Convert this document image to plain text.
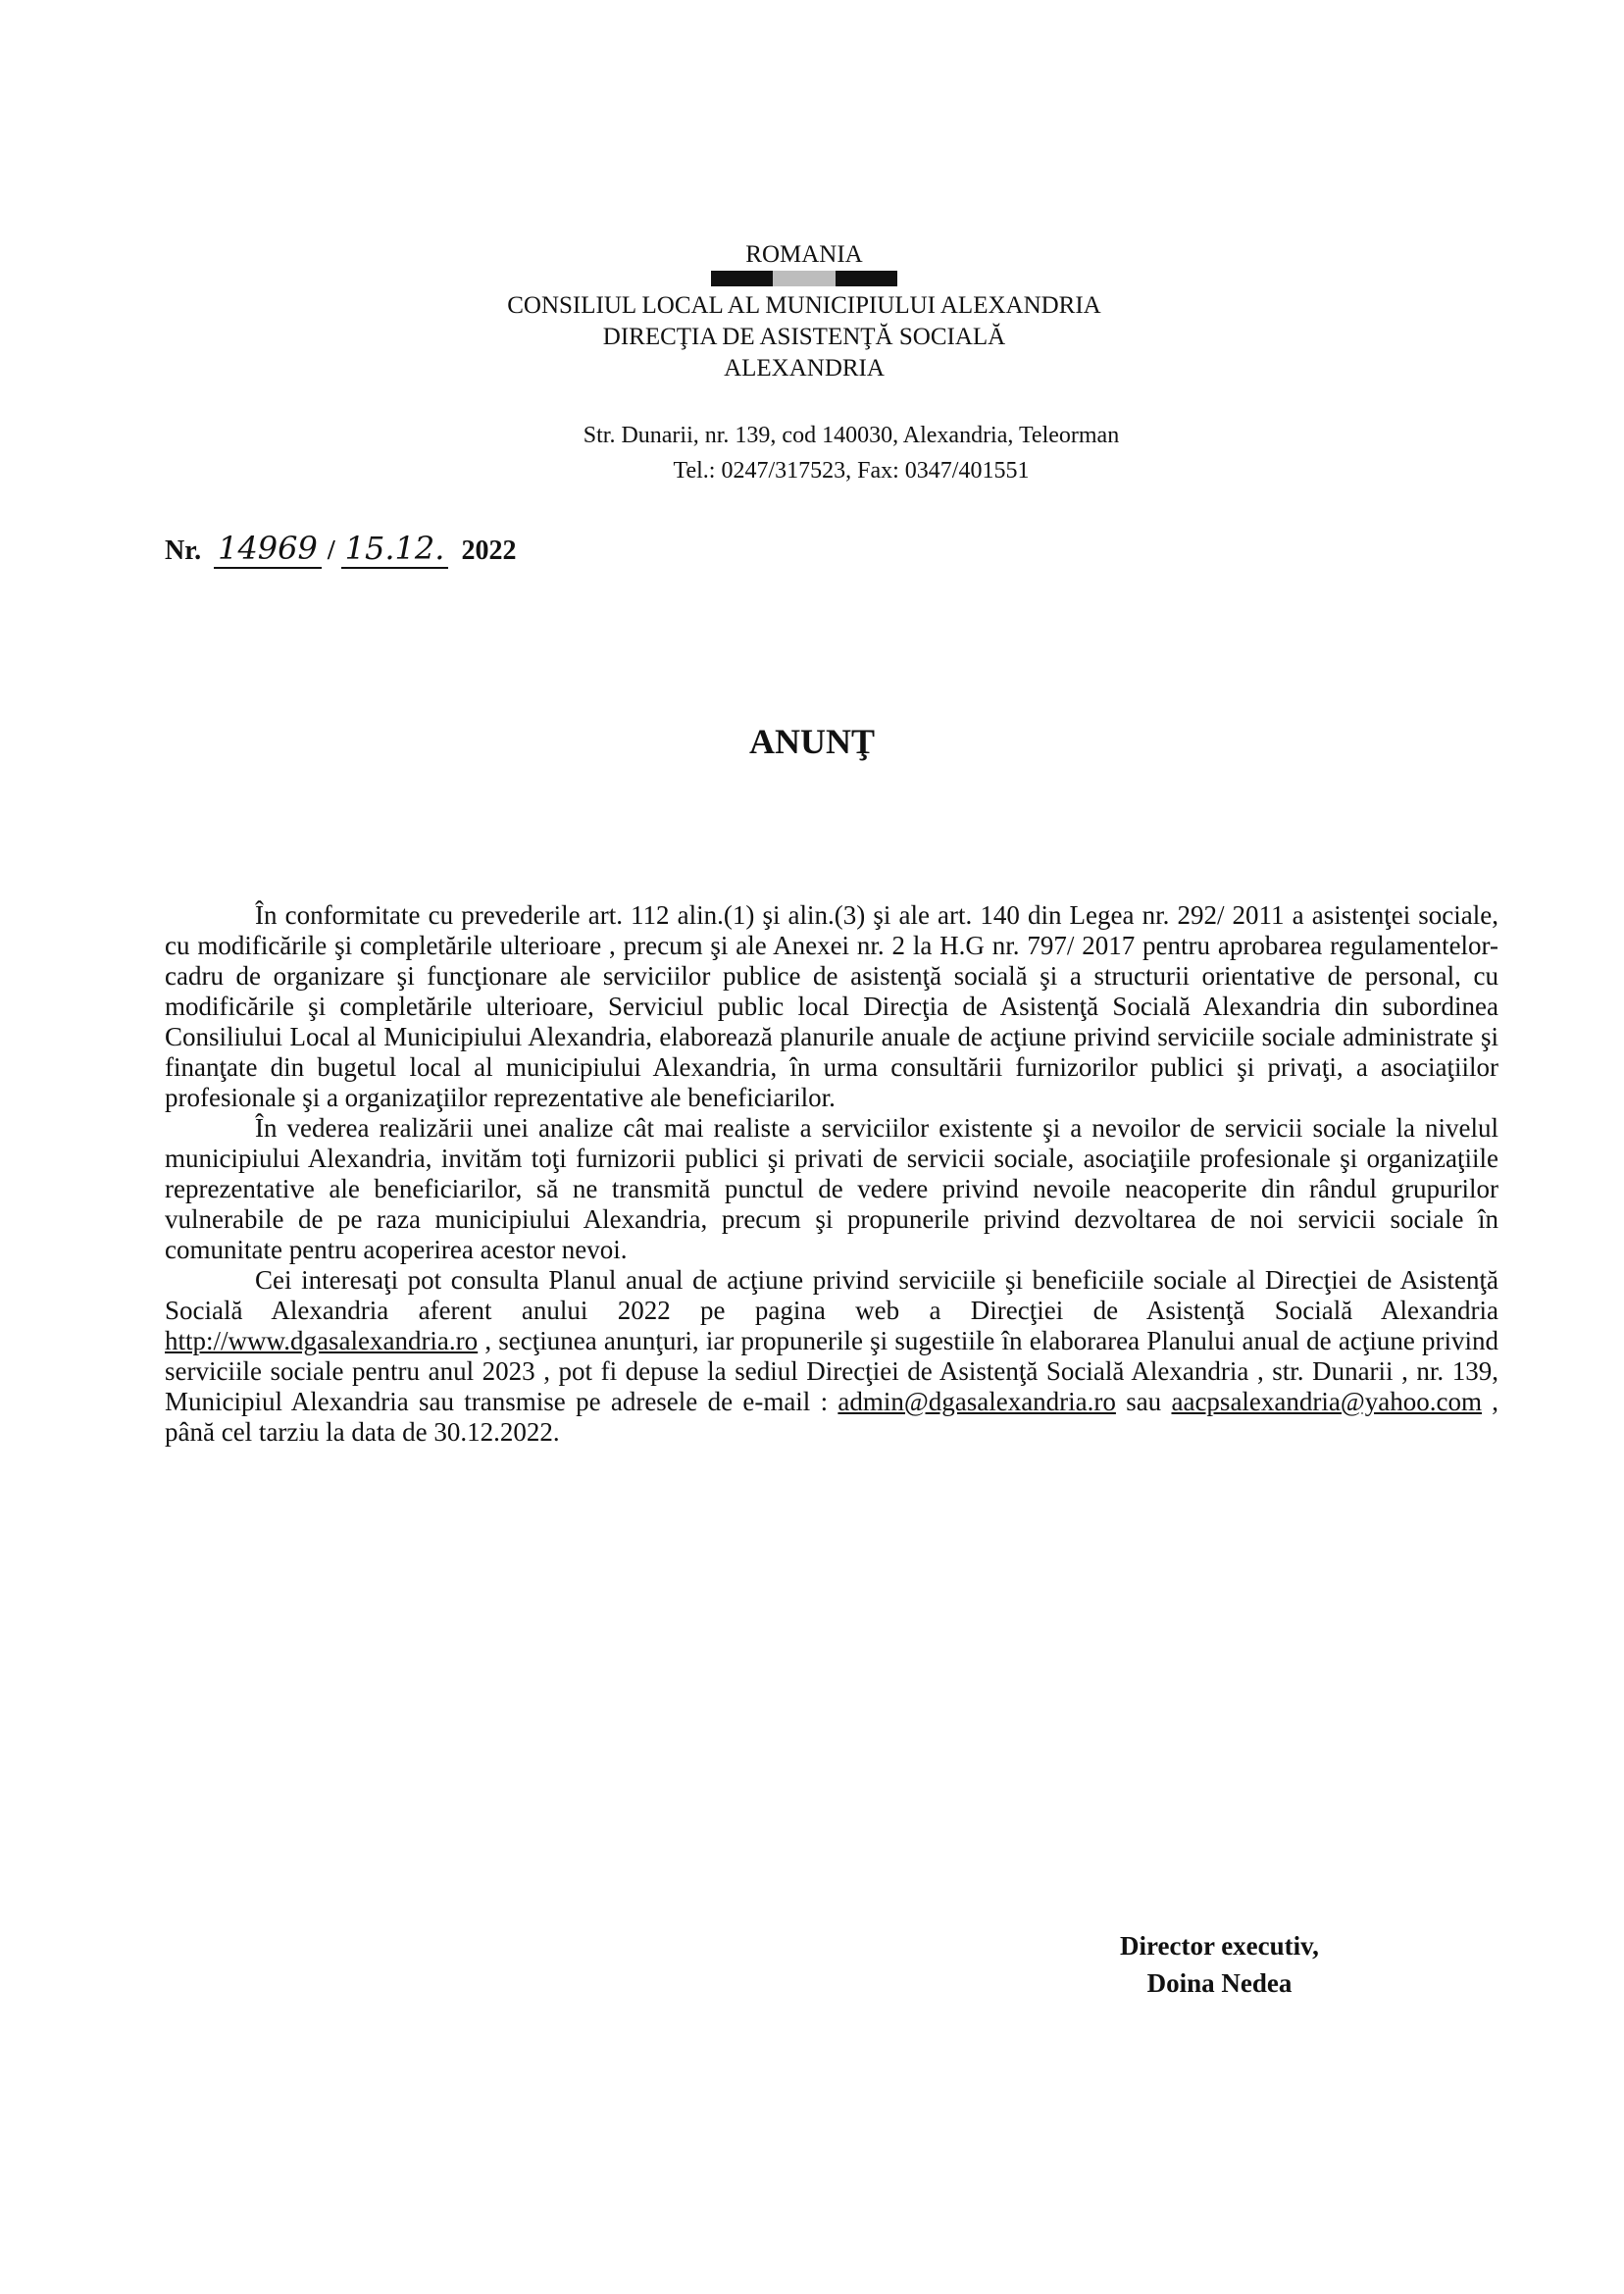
ROMANIA
CONSILIUL LOCAL AL MUNICIPIULUI ALEXANDRIA
DIRECŢIA DE ASISTENŢĂ SOCIALĂ
ALEXANDRIA
Str. Dunarii, nr. 139, cod 140030, Alexandria, Teleorman
Tel.: 0247/317523, Fax: 0347/401551
Nr. 14969 / 15.12. 2022
ANUNŢ

În conformitate cu prevederile art. 112 alin.(1) şi alin.(3) şi ale art. 140 din Legea nr. 292/ 2011 a asistenţei sociale, cu modificările şi completările ulterioare , precum şi ale Anexei nr. 2 la H.G nr. 797/ 2017 pentru aprobarea regulamentelor-cadru de organizare şi funcţionare ale serviciilor publice de asistenţă socială şi a structurii orientative de personal, cu modificările şi completările ulterioare, Serviciul public local Direcţia de Asistenţă Socială Alexandria din subordinea Consiliului Local al Municipiului Alexandria, elaborează planurile anuale de acţiune privind serviciile sociale administrate şi finanţate din bugetul local al municipiului Alexandria, în urma consultării furnizorilor publici şi privaţi, a asociaţiilor profesionale şi a organizaţiilor reprezentative ale beneficiarilor.

În vederea realizării unei analize cât mai realiste a serviciilor existente şi a nevoilor de servicii sociale la nivelul municipiului Alexandria, invităm toţi furnizorii publici şi privati de servicii sociale, asociaţiile profesionale şi organizaţiile reprezentative ale beneficiarilor, să ne transmită punctul de vedere privind nevoile neacoperite din rândul grupurilor vulnerabile de pe raza municipiului Alexandria, precum şi propunerile privind dezvoltarea de noi servicii sociale în comunitate pentru acoperirea acestor nevoi.

Cei interesaţi pot consulta Planul anual de acţiune privind serviciile şi beneficiile sociale al Direcţiei de Asistenţă Socială Alexandria aferent anului 2022 pe pagina web a Direcţiei de Asistenţă Socială Alexandria http://www.dgasalexandria.ro , secţiunea anunţuri, iar propunerile şi sugestiile în elaborarea Planului anual de acţiune privind serviciile sociale pentru anul 2023 , pot fi depuse la sediul Direcţiei de Asistenţă Socială Alexandria , str. Dunarii , nr. 139, Municipiul Alexandria sau transmise pe adresele de e-mail : admin@dgasalexandria.ro sau aacpsalexandria@yahoo.com , până cel tarziu la data de 30.12.2022.

Director executiv,
Doina Nedea
